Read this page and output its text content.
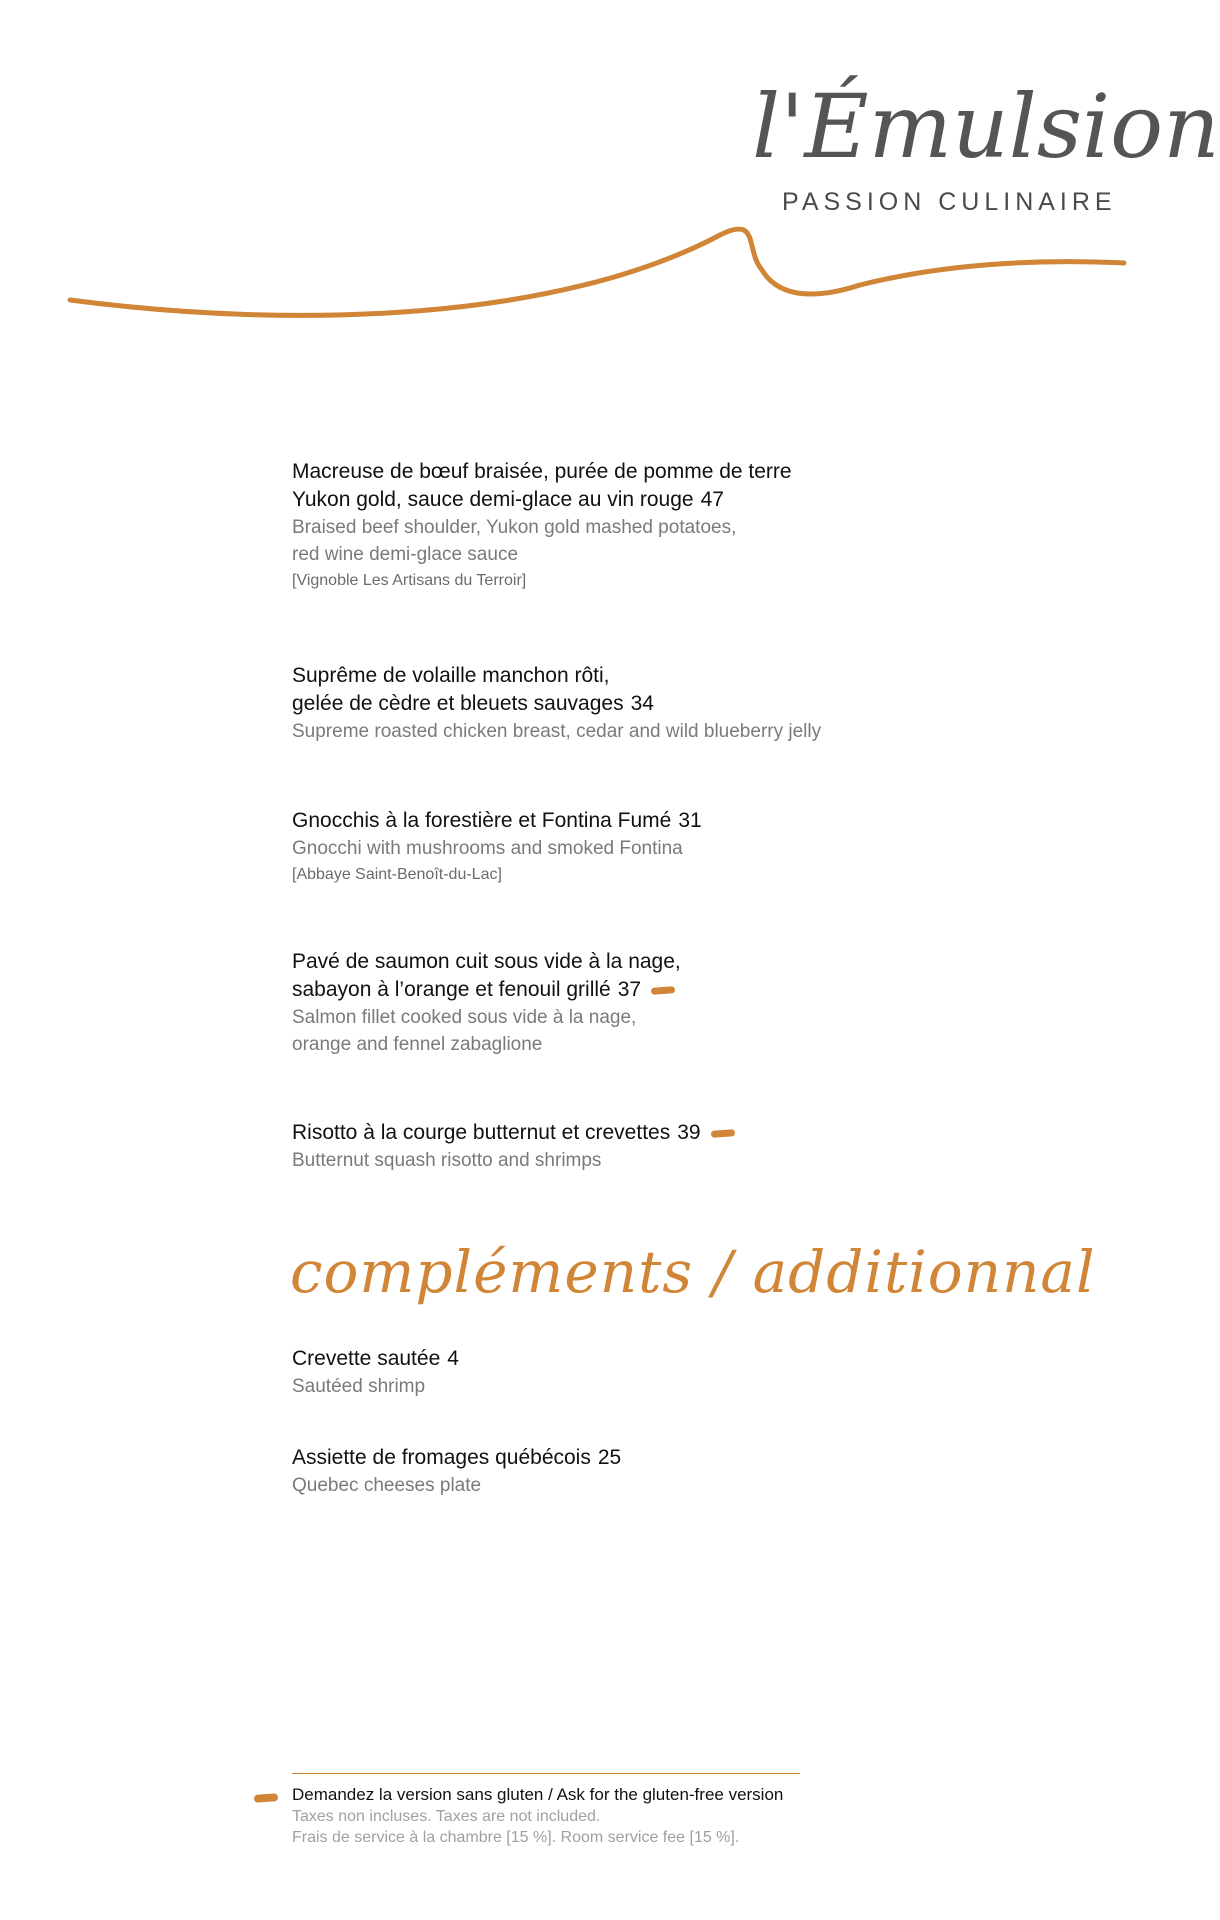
l'Émulsion
PASSION CULINAIRE
Macreuse de bœuf braisée, purée de pomme de terre
Yukon gold, sauce demi-glace au vin rouge 47
Braised beef shoulder, Yukon gold mashed potatoes,
red wine demi-glace sauce
[Vignoble Les Artisans du Terroir]
Suprême de volaille manchon rôti,
gelée de cèdre et bleuets sauvages 34
Supreme roasted chicken breast, cedar and wild blueberry jelly
Gnocchis à la forestière et Fontina Fumé 31
Gnocchi with mushrooms and smoked Fontina
[Abbaye Saint-Benoît-du-Lac]
Pavé de saumon cuit sous vide à la nage,
sabayon à l’orange et fenouil grillé 37
Salmon fillet cooked sous vide à la nage,
orange and fennel zabaglione
Risotto à la courge butternut et crevettes 39
Butternut squash risotto and shrimps
compléments / additionnal
Crevette sautée 4
Sautéed shrimp
Assiette de fromages québécois 25
Quebec cheeses plate
Demandez la version sans gluten / Ask for the gluten-free version
Taxes non incluses. Taxes are not included.
Frais de service à la chambre [15 %]. Room service fee [15 %].
